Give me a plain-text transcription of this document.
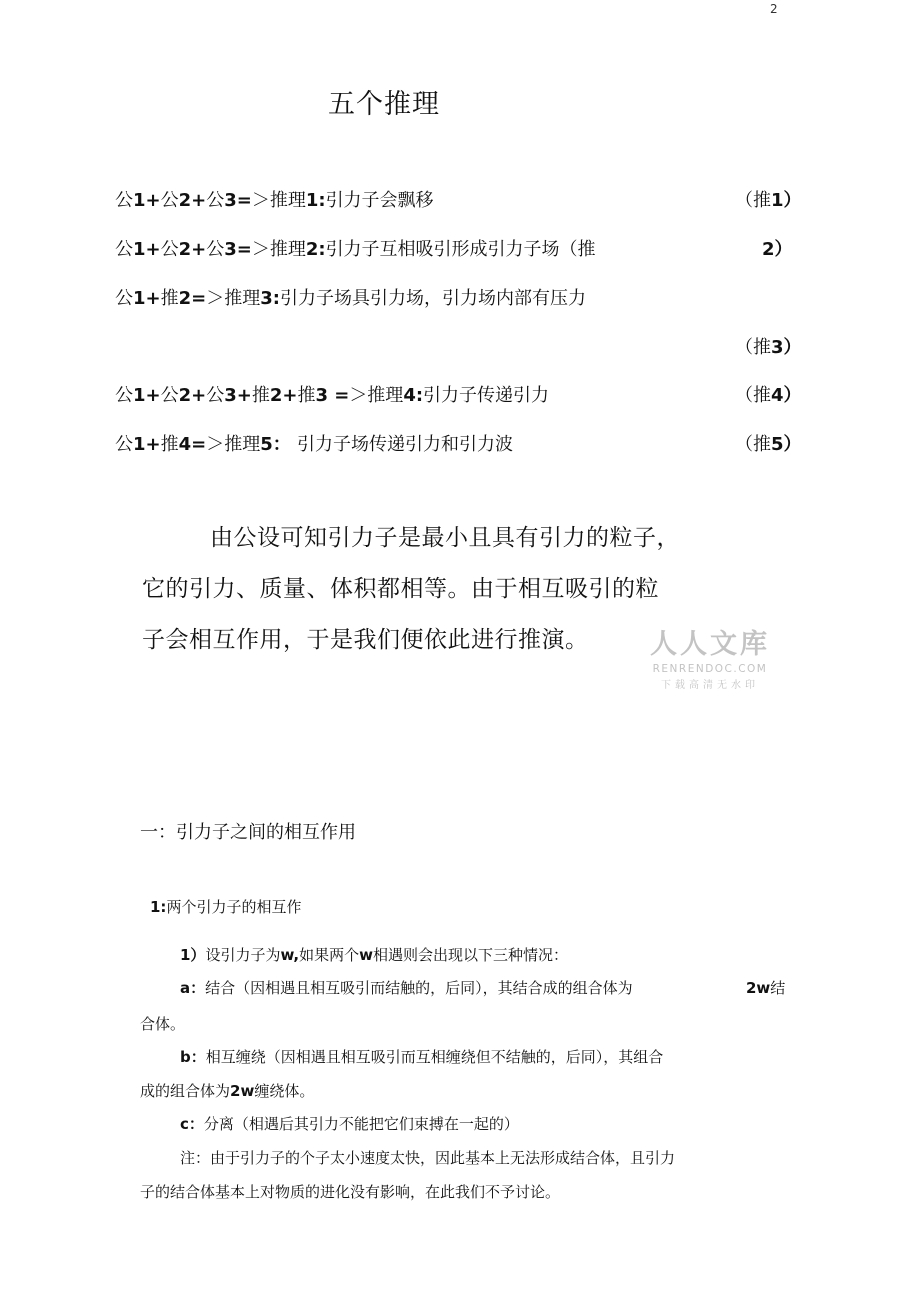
2
五个推理
公1+公2+公3=＞推理1:引力子会飘移	（推1）
公1+公2+公3=＞推理2:引力子互相吸引形成引力子场（推	2）
公1+推2=＞推理3:引力子场具引力场，引力场内部有压力
（推3）
公1+公2+公3+推2+推3 =＞推理4:引力子传递引力	（推4）
公1+推4=＞推理5： 引力子场传递引力和引力波	（推5）
由公设可知引力子是最小且具有引力的粒子，
它的引力、质量、体积都相等。由于相互吸引的粒
子会相互作用，于是我们便依此进行推演。 人人文库
RENRENDOC.COM
下载高清无水印
一：引力子之间的相互作用
1:两个引力子的相互作
1）设引力子为w,如果两个w相遇则会出现以下三种情况：
a：结合（因相遇且相互吸引而结触的，后同），其结合成的组合体为	2w结
合体。
b：相互缠绕（因相遇且相互吸引而互相缠绕但不结触的，后同），其组合
成的组合体为2w缠绕体。
c：分离（相遇后其引力不能把它们束搏在一起的）
注：由于引力子的个子太小速度太快，因此基本上无法形成结合体，且引力
子的结合体基本上对物质的进化没有影响，在此我们不予讨论。
